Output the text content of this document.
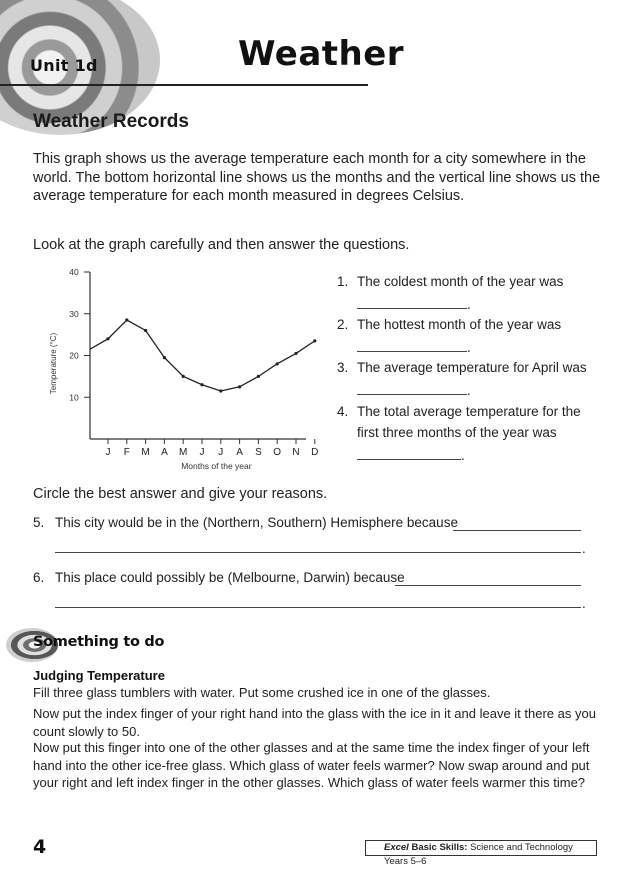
Unit 1d	Weather
Weather Records
This graph shows us the average temperature each month for a city somewhere in the world. The bottom horizontal line shows us the months and the vertical line shows us the average temperature for each month measured in degrees Celsius.
Look at the graph carefully and then answer the questions.
10
20
30
40
J F M A M J J A S O N D
Temperature (°C)
Months of the year
1. The coldest month of the year was
.
2. The hottest month of the year was
.
3. The average temperature for April was
.
4. The total average temperature for the
first three months of the year was
.
Circle the best answer and give your reasons.
5. This city would be in the (Northern, Southern) Hemisphere because
.
6. This place could possibly be (Melbourne, Darwin) because
.
Something to do
Judging Temperature
Fill three glass tumblers with water. Put some crushed ice in one of the glasses.
Now put the index finger of your right hand into the glass with the ice in it and leave it there as you count slowly to 50.
Now put this finger into one of the other glasses and at the same time the index finger of your left hand into the other ice-free glass. Which glass of water feels warmer? Now swap around and put your right and left index finger in the other glasses. Which glass of water feels warmer this time?
4	Excel Basic Skills: Science and Technology Years 5–6
